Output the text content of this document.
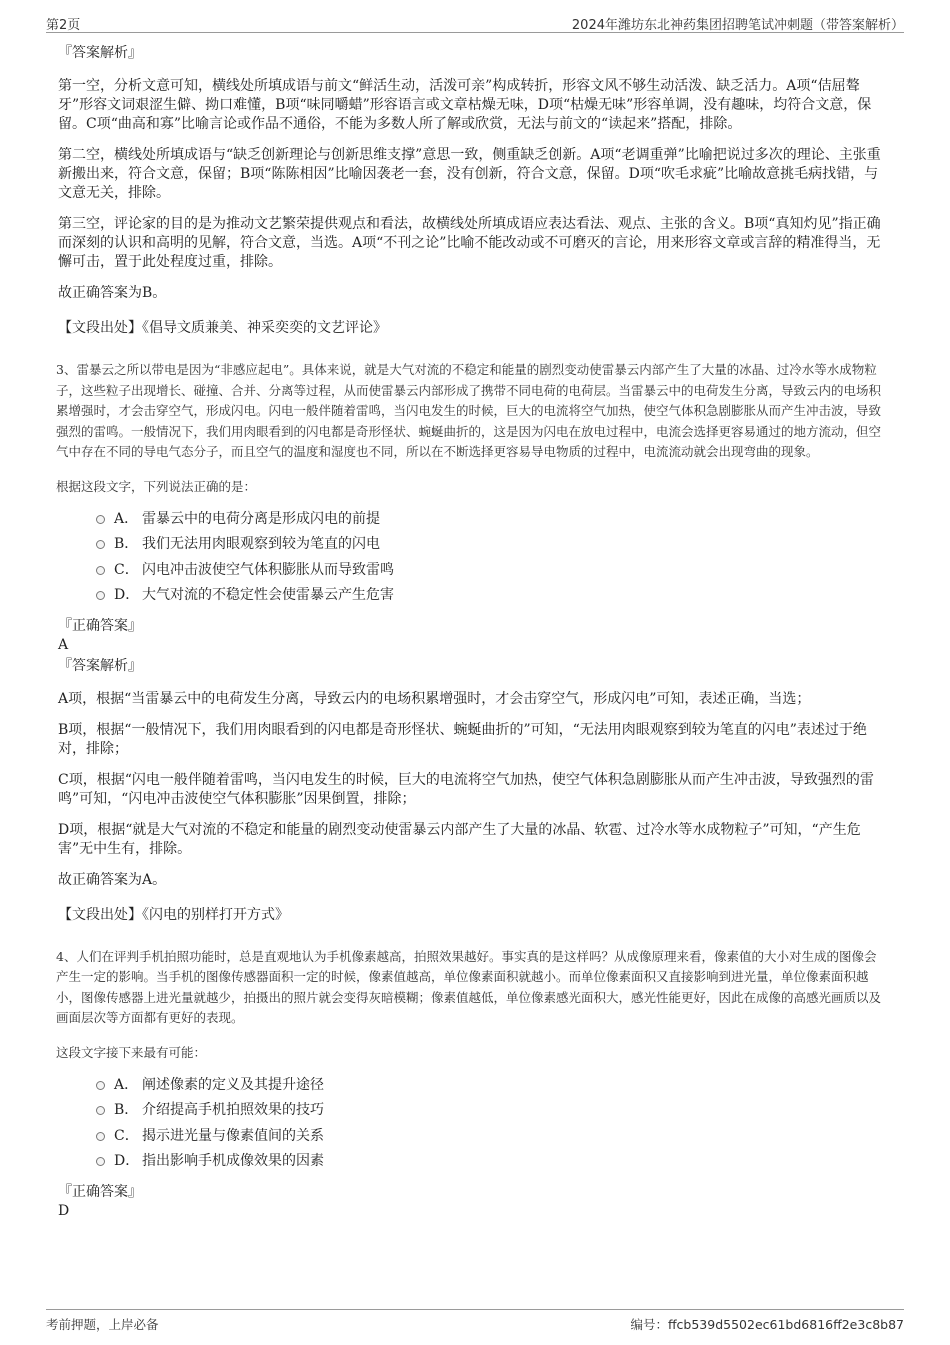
第2页	2024年潍坊东北神药集团招聘笔试冲刺题（带答案解析）
『答案解析』

第一空，分析文意可知，横线处所填成语与前文“鲜活生动，活泼可亲”构成转折，形容文风不够生动活泼、缺乏活力。A项“佶屈聱牙”形容文词艰涩生僻、拗口难懂，B项“味同嚼蜡”形容语言或文章枯燥无味，D项“枯燥无味”形容单调，没有趣味，均符合文意，保留。C项“曲高和寡”比喻言论或作品不通俗，不能为多数人所了解或欣赏，无法与前文的“读起来”搭配，排除。

第二空，横线处所填成语与“缺乏创新理论与创新思维支撑”意思一致，侧重缺乏创新。A项“老调重弹”比喻把说过多次的理论、主张重新搬出来，符合文意，保留；B项“陈陈相因”比喻因袭老一套，没有创新，符合文意，保留。D项“吹毛求疵”比喻故意挑毛病找错，与文意无关，排除。

第三空，评论家的目的是为推动文艺繁荣提供观点和看法，故横线处所填成语应表达看法、观点、主张的含义。B项“真知灼见”指正确而深刻的认识和高明的见解，符合文意，当选。A项“不刊之论”比喻不能改动或不可磨灭的言论，用来形容文章或言辞的精准得当，无懈可击，置于此处程度过重，排除。

故正确答案为B。

【文段出处】《倡导文质兼美、神采奕奕的文艺评论》

3、雷暴云之所以带电是因为“非感应起电”。具体来说，就是大气对流的不稳定和能量的剧烈变动使雷暴云内部产生了大量的冰晶、过冷水等水成物粒子，这些粒子出现增长、碰撞、合并、分离等过程，从而使雷暴云内部形成了携带不同电荷的电荷层。当雷暴云中的电荷发生分离，导致云内的电场积累增强时，才会击穿空气，形成闪电。闪电一般伴随着雷鸣，当闪电发生的时候，巨大的电流将空气加热，使空气体积急剧膨胀从而产生冲击波，导致强烈的雷鸣。一般情况下，我们用肉眼看到的闪电都是奇形怪状、蜿蜒曲折的，这是因为闪电在放电过程中，电流会选择更容易通过的地方流动，但空气中存在不同的导电气态分子，而且空气的温度和湿度也不同，所以在不断选择更容易导电物质的过程中，电流流动就会出现弯曲的现象。

根据这段文字，下列说法正确的是：

A． 雷暴云中的电荷分离是形成闪电的前提
B． 我们无法用肉眼观察到较为笔直的闪电
C． 闪电冲击波使空气体积膨胀从而导致雷鸣
D． 大气对流的不稳定性会使雷暴云产生危害
『正确答案』
A
『答案解析』

A项，根据“当雷暴云中的电荷发生分离，导致云内的电场积累增强时，才会击穿空气，形成闪电”可知，表述正确，当选；

B项，根据“一般情况下，我们用肉眼看到的闪电都是奇形怪状、蜿蜒曲折的”可知，“无法用肉眼观察到较为笔直的闪电”表述过于绝对，排除；

C项，根据“闪电一般伴随着雷鸣，当闪电发生的时候，巨大的电流将空气加热，使空气体积急剧膨胀从而产生冲击波，导致强烈的雷鸣”可知，“闪电冲击波使空气体积膨胀”因果倒置，排除；

D项，根据“就是大气对流的不稳定和能量的剧烈变动使雷暴云内部产生了大量的冰晶、软雹、过冷水等水成物粒子”可知，“产生危害”无中生有，排除。

故正确答案为A。

【文段出处】《闪电的别样打开方式》

4、人们在评判手机拍照功能时，总是直观地认为手机像素越高，拍照效果越好。事实真的是这样吗？从成像原理来看，像素值的大小对生成的图像会产生一定的影响。当手机的图像传感器面积一定的时候，像素值越高，单位像素面积就越小。而单位像素面积又直接影响到进光量，单位像素面积越小，图像传感器上进光量就越少，拍摄出的照片就会变得灰暗模糊；像素值越低，单位像素感光面积大，感光性能更好，因此在成像的高感光画质以及画面层次等方面都有更好的表现。

这段文字接下来最有可能：

A． 阐述像素的定义及其提升途径
B． 介绍提高手机拍照效果的技巧
C． 揭示进光量与像素值间的关系
D． 指出影响手机成像效果的因素
『正确答案』
D
考前押题，上岸必备	编号：ffcb539d5502ec61bd6816ff2e3c8b87
